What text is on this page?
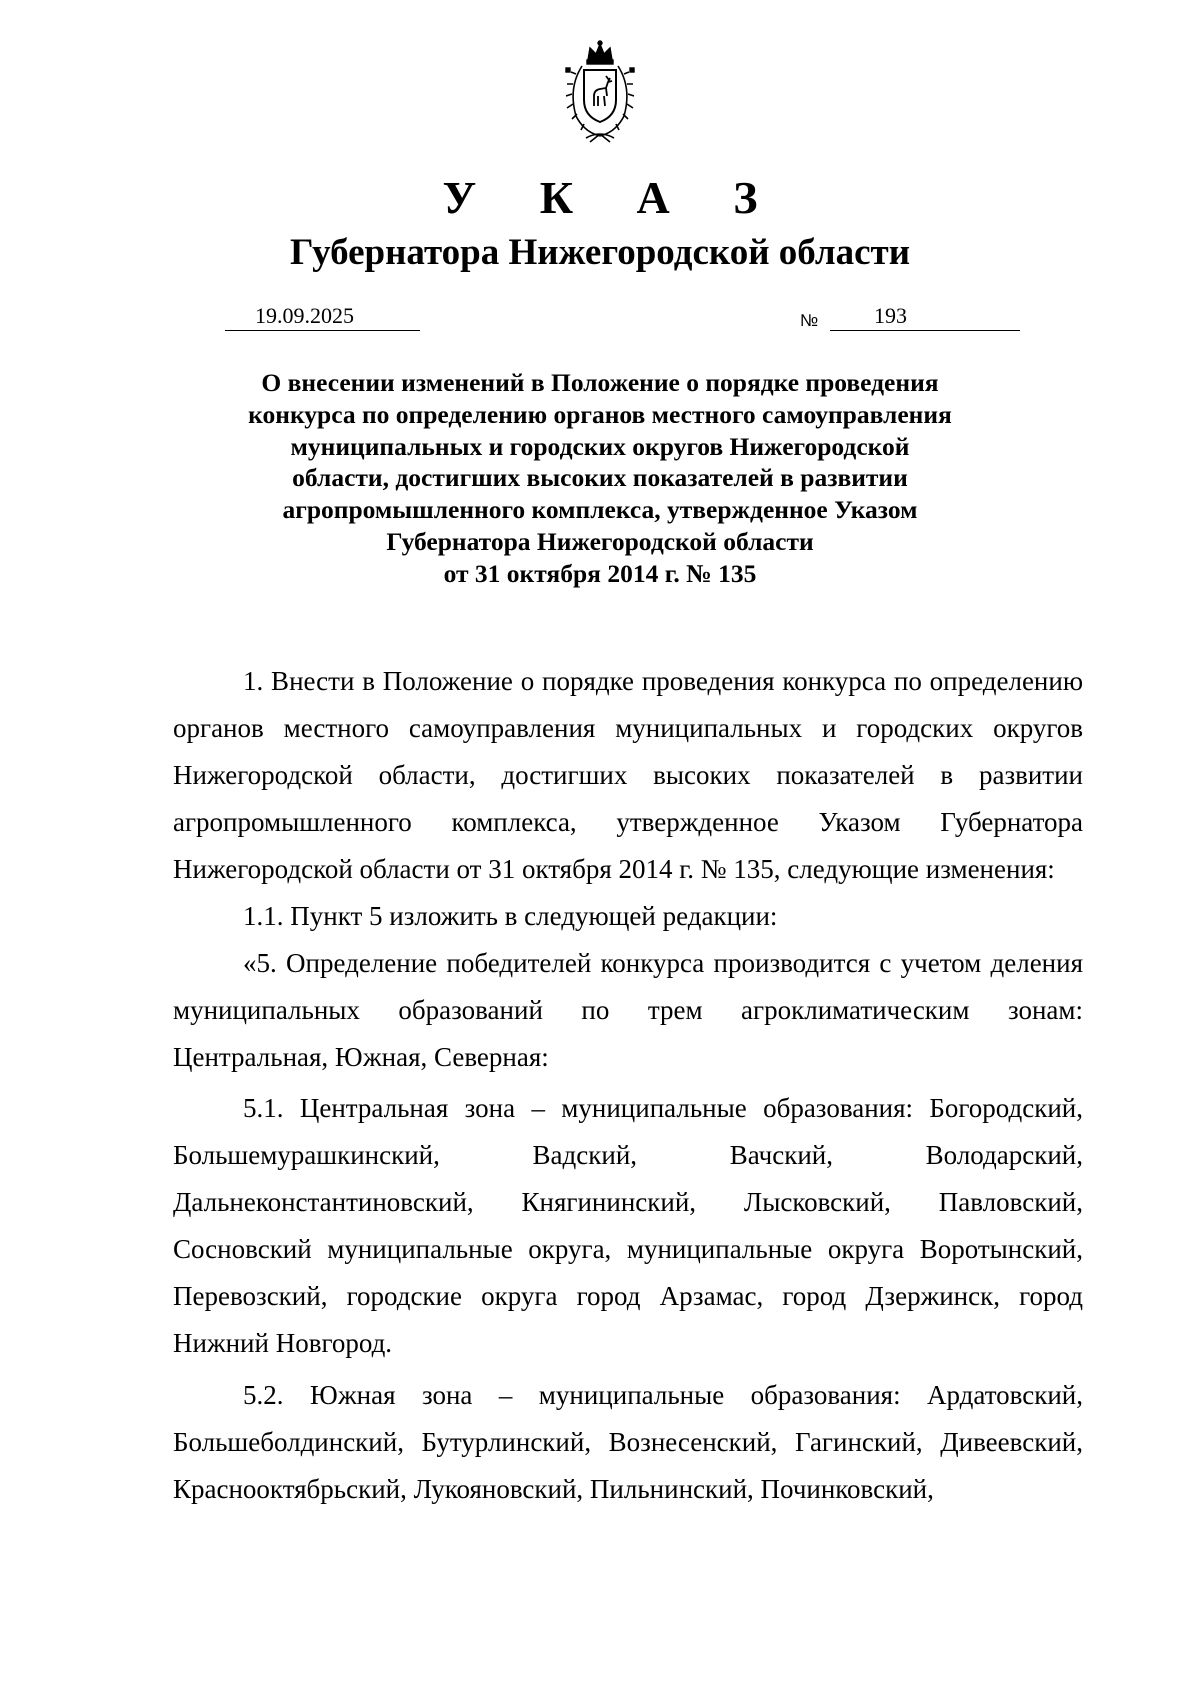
У К А З
Губернатора Нижегородской области
19.09.2025	№	193
О внесении изменений в Положение о порядке проведения
конкурса по определению органов местного самоуправления
муниципальных и городских округов Нижегородской
области, достигших высоких показателей в развитии
агропромышленного комплекса, утвержденное Указом
Губернатора Нижегородской области
от 31 октября 2014 г. № 135

1. Внести в Положение о порядке проведения конкурса по определению органов местного самоуправления муниципальных и городских округов Нижегородской области, достигших высоких показателей в развитии агропромышленного комплекса, утвержденное Указом Губернатора Нижегородской области от 31 октября 2014 г. № 135, следующие изменения:

1.1. Пункт 5 изложить в следующей редакции:

«5. Определение победителей конкурса производится с учетом деления муниципальных образований по трем агроклиматическим зонам: Центральная, Южная, Северная:

5.1. Центральная зона – муниципальные образования: Богородский, Большемурашкинский, Вадский, Вачский, Володарский, Дальнеконстантиновский, Княгининский, Лысковский, Павловский, Сосновский муниципальные округа, муниципальные округа Воротынский, Перевозский, городские округа город Арзамас, город Дзержинск, город Нижний Новгород.

5.2. Южная зона – муниципальные образования: Ардатовский, Большеболдинский, Бутурлинский, Вознесенский, Гагинский, Дивеевский, Краснооктябрьский, Лукояновский, Пильнинский, Починковский,
